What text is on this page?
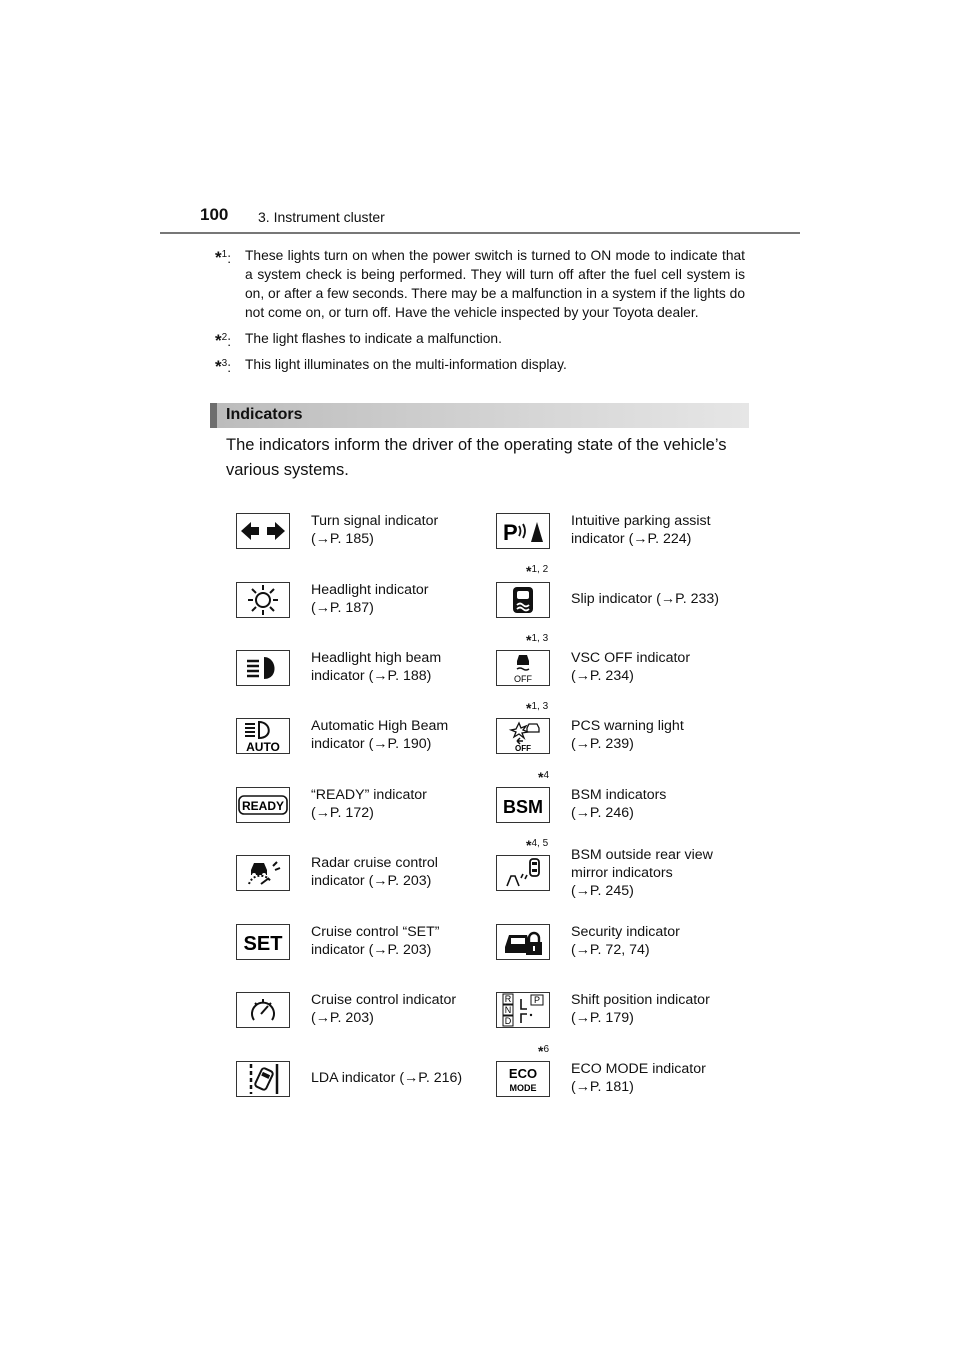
100 3. Instrument cluster
*$^1$: These lights turn on when the power switch is turned to ON mode to indicate that a system check is being performed. They will turn off after the fuel cell system is on, or after a few seconds. There may be a malfunction in a system if the lights do not come on, or turn off. Have the vehicle inspected by your Toyota dealer.
*$^2$: The light flashes to indicate a malfunction.
*$^3$: This light illuminates on the multi-information display.
Indicators
The indicators inform the driver of the operating state of the vehicle’s various systems.
Turn signal indicator
(→P. 185)
Headlight indicator
(→P. 187)
Headlight high beam
indicator (→P. 188)
AUTO
Automatic High Beam
indicator (→P. 190)
READY
“READY” indicator
(→P. 172)
Radar cruise control
indicator (→P. 203)
SET
Cruise control “SET”
indicator (→P. 203)
Cruise control indicator
(→P. 203)
LDA indicator (→P. 216)
P	Intuitive parking assist
indicator (→P. 224)
*$^{1, 2}$
Slip indicator (→P. 233)
*$^{1, 3}$
OFF
VSC OFF indicator
(→P. 234)
*$^{1, 3}$
OFF
PCS warning light
(→P. 239)
*$^4$
BSM
BSM indicators
(→P. 246)
*$^{4, 5}$
BSM outside rear view
mirror indicators
(→P. 245)
Security indicator
(→P. 72, 74)
R
N
D
P Shift position indicator
(→P. 179)
*$^6$
ECO
MODE
ECO MODE indicator
(→P. 181)
